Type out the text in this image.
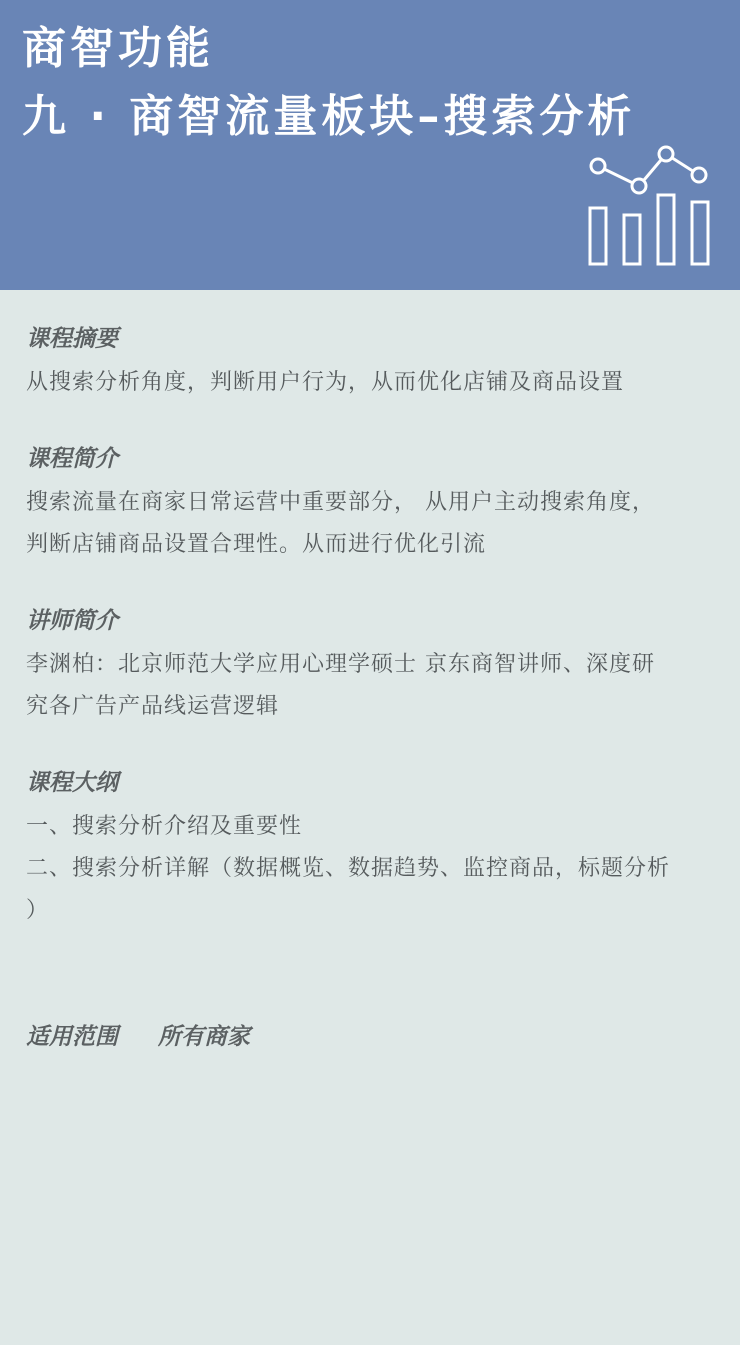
商智功能
九 · 商智流量板块–搜索分析
课程摘要

从搜索分析角度，判断用户行为，从而优化店铺及商品设置

课程简介

搜索流量在商家日常运营中重要部分， 从用户主动搜索角度，

判断店铺商品设置合理性。从而进行优化引流

讲师简介

李渊柏：北京师范大学应用心理学硕士 京东商智讲师、深度研

究各广告产品线运营逻辑

课程大纲
一、搜索分析介绍及重要性
二、搜索分析详解（数据概览、数据趋势、监控商品，标题分析
）
适用范围 所有商家
